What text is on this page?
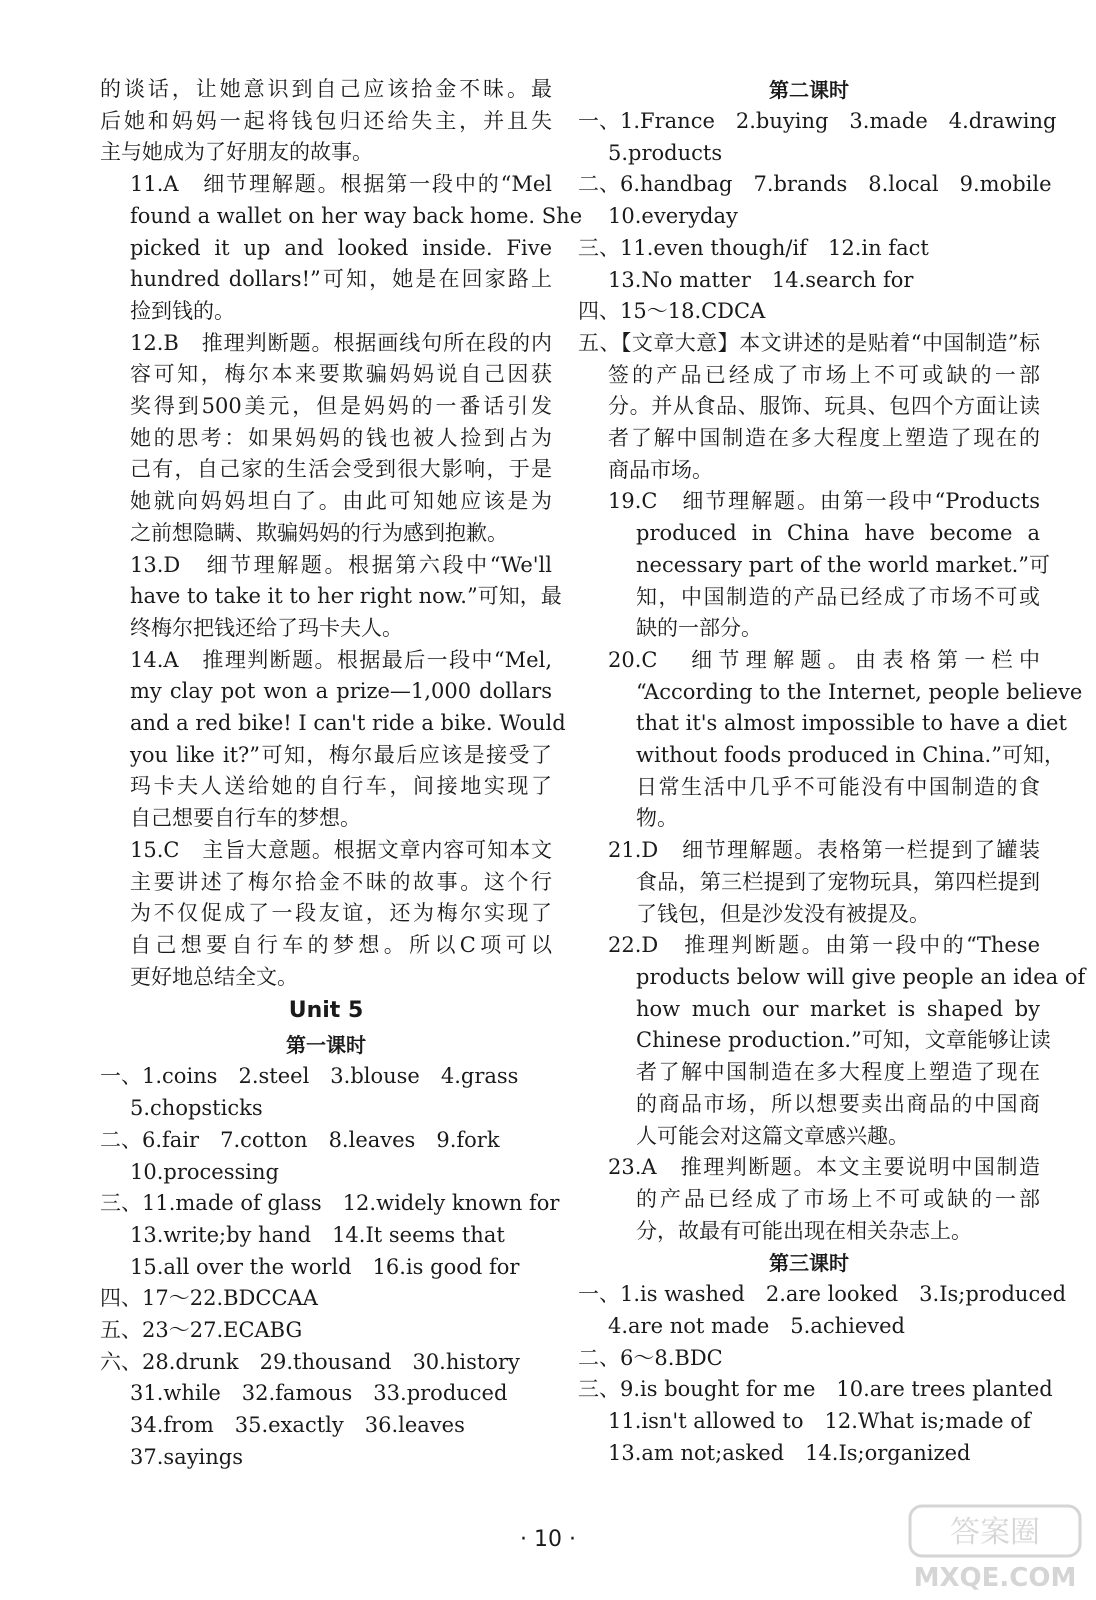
的谈话，让她意识到自己应该拾金不昧。最
后她和妈妈一起将钱包归还给失主，并且失
主与她成为了好朋友的故事。
11.A　细节理解题。根据第一段中的“Mel
found a wallet on her way back home. She
picked it up and looked inside. Five
hundred dollars!”可知，她是在回家路上
捡到钱的。
12.B　推理判断题。根据画线句所在段的内
容可知，梅尔本来要欺骗妈妈说自己因获
奖得到500美元，但是妈妈的一番话引发
她的思考：如果妈妈的钱也被人捡到占为
己有，自己家的生活会受到很大影响，于是
她就向妈妈坦白了。由此可知她应该是为
之前想隐瞒、欺骗妈妈的行为感到抱歉。
13.D　细节理解题。根据第六段中“We'll
have to take it to her right now.”可知，最
终梅尔把钱还给了玛卡夫人。
14.A　推理判断题。根据最后一段中“Mel,
my clay pot won a prize—1,000 dollars
and a red bike! I can't ride a bike. Would
you like it?”可知，梅尔最后应该是接受了
玛卡夫人送给她的自行车，间接地实现了
自己想要自行车的梦想。
15.C　主旨大意题。根据文章内容可知本文
主要讲述了梅尔拾金不昧的故事。这个行
为不仅促成了一段友谊，还为梅尔实现了
自己想要自行车的梦想。所以C项可以
更好地总结全文。
Unit 5
第一课时
一、1.coins　2.steel　3.blouse　4.grass
5.chopsticks
二、6.fair　7.cotton　8.leaves　9.fork
10.processing
三、11.made of glass　12.widely known for
13.write;by hand　14.It seems that
15.all over the world　16.is good for
四、17～22.BDCCAA
五、23～27.ECABG
六、28.drunk　29.thousand　30.history
31.while　32.famous　33.produced
34.from　35.exactly　36.leaves
37.sayings
第二课时
一、1.France　2.buying　3.made　4.drawing
5.products
二、6.handbag　7.brands　8.local　9.mobile
10.everyday
三、11.even though/if　12.in fact
13.No matter　14.search for
四、15～18.CDCA
五、【文章大意】本文讲述的是贴着“中国制造”标
签的产品已经成了市场上不可或缺的一部
分。并从食品、服饰、玩具、包四个方面让读
者了解中国制造在多大程度上塑造了现在的
商品市场。
19.C　细节理解题。由第一段中“Products
produced in China have become a
necessary part of the world market.”可
知，中国制造的产品已经成了市场不可或
缺的一部分。
20.C　细节理解题。由表格第一栏中
“According to the Internet, people believe
that it's almost impossible to have a diet
without foods produced in China.”可知，
日常生活中几乎不可能没有中国制造的食
物。
21.D　细节理解题。表格第一栏提到了罐装
食品，第三栏提到了宠物玩具，第四栏提到
了钱包，但是沙发没有被提及。
22.D　推理判断题。由第一段中的“These
products below will give people an idea of
how much our market is shaped by
Chinese production.”可知，文章能够让读
者了解中国制造在多大程度上塑造了现在
的商品市场，所以想要卖出商品的中国商
人可能会对这篇文章感兴趣。
23.A　推理判断题。本文主要说明中国制造
的产品已经成了市场上不可或缺的一部
分，故最有可能出现在相关杂志上。
第三课时
一、1.is washed　2.are looked　3.Is;produced
4.are not made　5.achieved
二、6～8.BDC
三、9.is bought for me　10.are trees planted
11.isn't allowed to　12.What is;made of
13.am not;asked　14.Is;organized
· 10 ·	答案圈
MXQE.COM
